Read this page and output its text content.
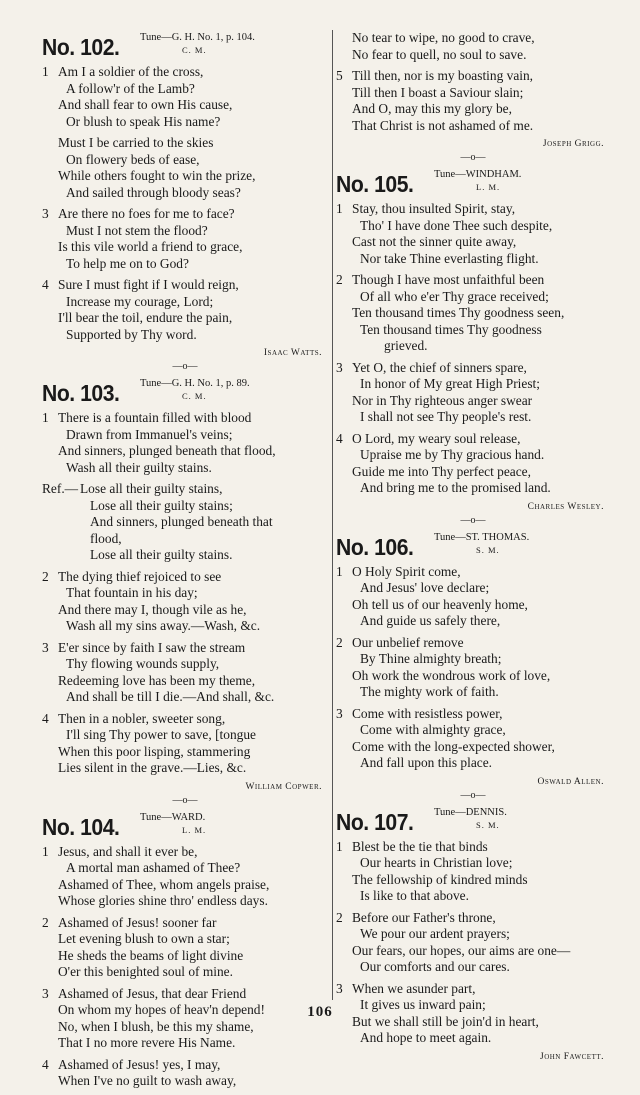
No. 102. Tune—G. H. No. 1, p. 104.
C. M.
1 Am I a soldier of the cross,
A follow'r of the Lamb?
And shall fear to own His cause,
Or blush to speak His name?
Must I be carried to the skies
On flowery beds of ease,
While others fought to win the prize,
And sailed through bloody seas?
3 Are there no foes for me to face?
Must I not stem the flood?
Is this vile world a friend to grace,
To help me on to God?
4 Sure I must fight if I would reign,
Increase my courage, Lord;
I'll bear the toil, endure the pain,
Supported by Thy word.
Isaac Watts.
—o—
No. 103. Tune—G. H. No. 1, p. 89.
C. M.
1 There is a fountain filled with blood
Drawn from Immanuel's veins;
And sinners, plunged beneath that flood,
Wash all their guilty stains.
Ref.— Lose all their guilty stains,
Lose all their guilty stains;
And sinners, plunged beneath that
flood,
Lose all their guilty stains.
2 The dying thief rejoiced to see
That fountain in his day;
And there may I, though vile as he,
Wash all my sins away.—Wash, &c.
3 E'er since by faith I saw the stream
Thy flowing wounds supply,
Redeeming love has been my theme,
And shall be till I die.—And shall, &c.
4 Then in a nobler, sweeter song,
I'll sing Thy power to save, [tongue
When this poor lisping, stammering
Lies silent in the grave.—Lies, &c.
William Copwer.
—o—
No. 104. Tune—WARD.
L. M.
1 Jesus, and shall it ever be,
A mortal man ashamed of Thee?
Ashamed of Thee, whom angels praise,
Whose glories shine thro' endless days.
2 Ashamed of Jesus! sooner far
Let evening blush to own a star;
He sheds the beams of light divine
O'er this benighted soul of mine.
3 Ashamed of Jesus, that dear Friend
On whom my hopes of heav'n depend!
No, when I blush, be this my shame,
That I no more revere His Name.
4 Ashamed of Jesus! yes, I may,
When I've no guilt to wash away,
No tear to wipe, no good to crave,
No fear to quell, no soul to save.
5 Till then, nor is my boasting vain,
Till then I boast a Saviour slain;
And O, may this my glory be,
That Christ is not ashamed of me.
Joseph Grigg.
—o—
No. 105. Tune—WINDHAM.
L. M.
1 Stay, thou insulted Spirit, stay,
Tho' I have done Thee such despite,
Cast not the sinner quite away,
Nor take Thine everlasting flight.
2 Though I have most unfaithful been
Of all who e'er Thy grace received;
Ten thousand times Thy goodness seen,
Ten thousand times Thy goodness
grieved.
3 Yet O, the chief of sinners spare,
In honor of My great High Priest;
Nor in Thy righteous anger swear
I shall not see Thy people's rest.
4 O Lord, my weary soul release,
Upraise me by Thy gracious hand.
Guide me into Thy perfect peace,
And bring me to the promised land.
Charles Wesley.
—o—
No. 106. Tune—ST. THOMAS.
S. M.
1 O Holy Spirit come,
And Jesus' love declare;
Oh tell us of our heavenly home,
And guide us safely there,
2 Our unbelief remove
By Thine almighty breath;
Oh work the wondrous work of love,
The mighty work of faith.
3 Come with resistless power,
Come with almighty grace,
Come with the long-expected shower,
And fall upon this place.
Oswald Allen.
—o—
No. 107. Tune—DENNIS.
S. M.
1 Blest be the tie that binds
Our hearts in Christian love;
The fellowship of kindred minds
Is like to that above.
2 Before our Father's throne,
We pour our ardent prayers;
Our fears, our hopes, our aims are one—
Our comforts and our cares.
3 When we asunder part,
It gives us inward pain;
But we shall still be join'd in heart,
And hope to meet again.
John Fawcett.
106
